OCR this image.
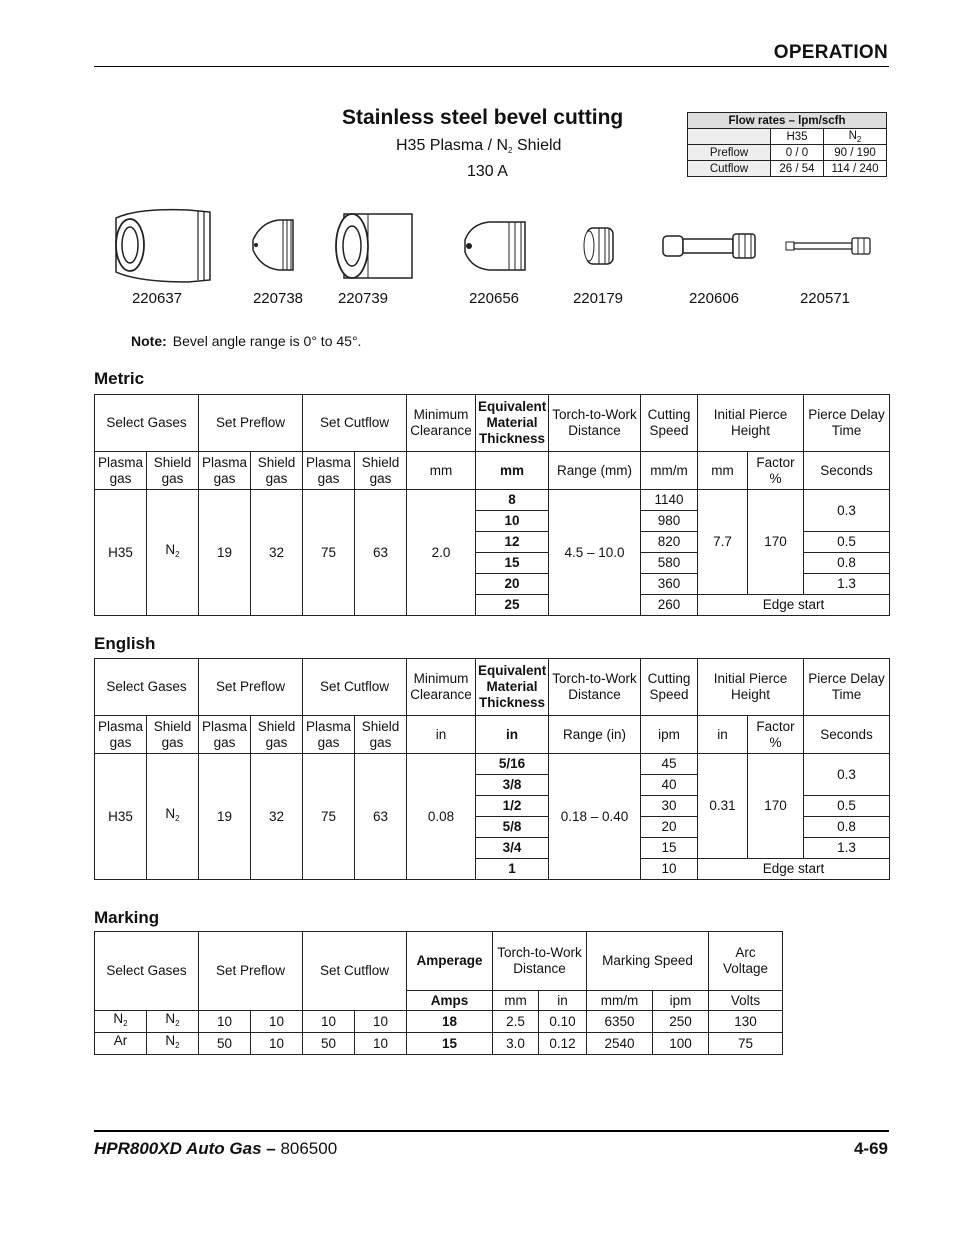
OPERATION
Stainless steel bevel cutting
H35 Plasma / $N_2$ Shield
130 A
Flow rates – lpm/scfh		
	H35	$N_2$
Preflow	0 / 0	90 / 190
Cutflow	26 / 54	114 / 240
220637	220738	220739	220656	220179	220606	220571
Note: Bevel angle range is 0° to 45°.
Metric
Select Gases		Set Preflow		Set Cutflow		Minimum Clearance	Equivalent Material Thickness	Torch-to-Work Distance	Cutting Speed	Initial Pierce Height		Pierce Delay Time
Plasma gas	Shield gas	Plasma gas	Shield gas	Plasma gas	Shield gas	mm	mm	Range (mm)	mm/m	mm	Factor %	Seconds
H35	$N_2$	19	32	75	63	2.0	8	4.5 – 10.0	1140	7.7	170	0.3
							10		980			
							12		820			0.5
							15		580			0.8
							20		360			1.3
							25		260	Edge start		
English
Select Gases		Set Preflow		Set Cutflow		Minimum Clearance	Equivalent Material Thickness	Torch-to-Work Distance	Cutting Speed	Initial Pierce Height		Pierce Delay Time
Plasma gas	Shield gas	Plasma gas	Shield gas	Plasma gas	Shield gas	in	in	Range (in)	ipm	in	Factor %	Seconds
H35	$N_2$	19	32	75	63	0.08	5/16	0.18 – 0.40	45	0.31	170	0.3
							3/8		40			
							1/2		30			0.5
							5/8		20			0.8
							3/4		15			1.3
							1		10	Edge start		
Marking
Select Gases		Set Preflow		Set Cutflow		Amperage	Torch-to-Work Distance		Marking Speed		Arc Voltage
						Amps	mm	in	mm/m	ipm	Volts
$N_2$	$N_2$	10	10	10	10	18	2.5	0.10	6350	250	130
Ar	$N_2$	50	10	50	10	15	3.0	0.12	2540	100	75
HPR800XD Auto Gas – 806500	4-69
